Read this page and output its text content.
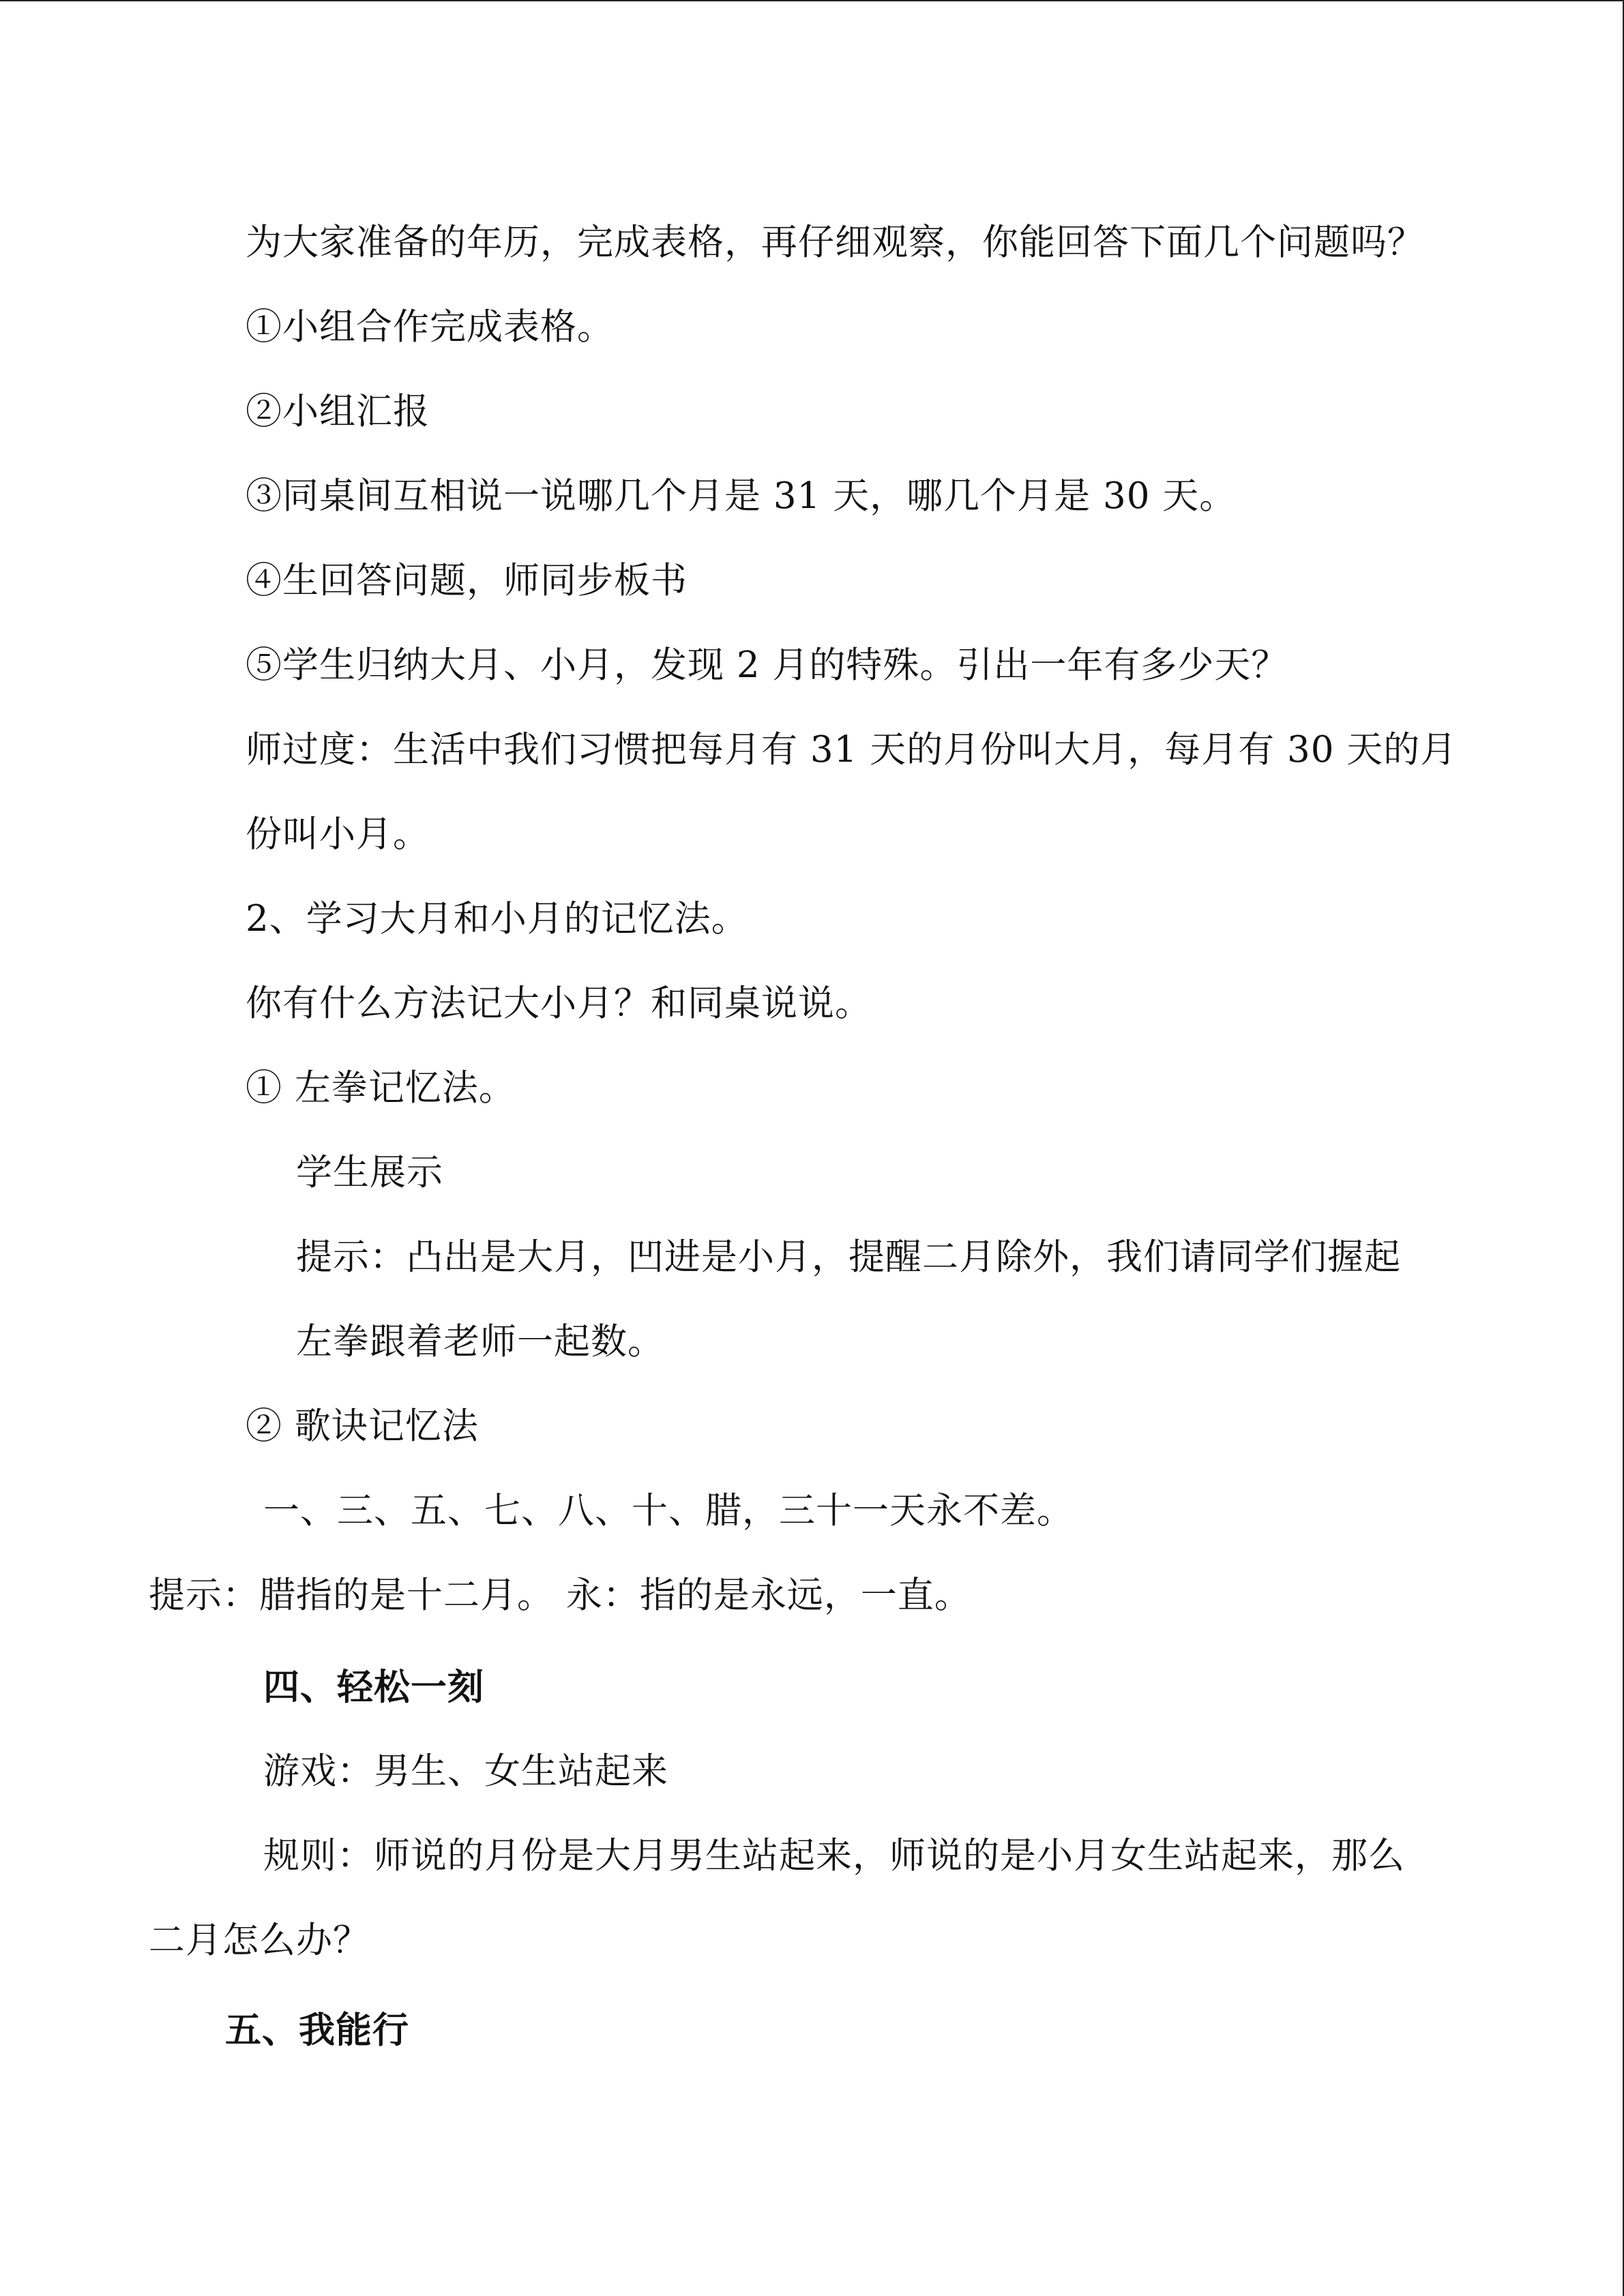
为大家准备的年历，完成表格，再仔细观察，你能回答下面几个问题吗？
①小组合作完成表格。
②小组汇报
③同桌间互相说一说哪几个月是 31 天，哪几个月是 30 天。
④生回答问题，师同步板书
⑤学生归纳大月、小月，发现 2 月的特殊。引出一年有多少天？
师过度：生活中我们习惯把每月有 31 天的月份叫大月，每月有 30 天的月
份叫小月。
2、学习大月和小月的记忆法。
你有什么方法记大小月？和同桌说说。
① 左拳记忆法。
学生展示
提示：凸出是大月，凹进是小月，提醒二月除外，我们请同学们握起
左拳跟着老师一起数。
② 歌诀记忆法
一、三、五、七、八、十、腊，三十一天永不差。
提示：腊指的是十二月。 永：指的是永远，一直。
四、轻松一刻
游戏：男生、女生站起来
规则：师说的月份是大月男生站起来，师说的是小月女生站起来，那么
二月怎么办？
五、我能行
